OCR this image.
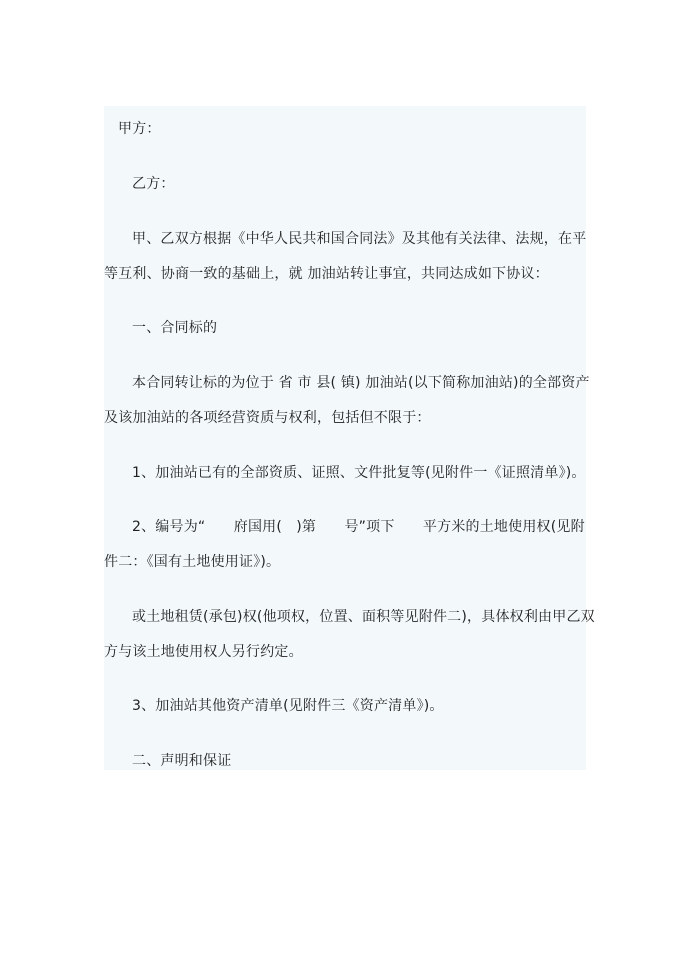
甲方：
乙方：
甲、乙双方根据《中华人民共和国合同法》及其他有关法律、法规，在平
等互利、协商一致的基础上，就 加油站转让事宜，共同达成如下协议：
一、合同标的
本合同转让标的为位于 省 市 县( 镇) 加油站(以下简称加油站)的全部资产
及该加油站的各项经营资质与权利，包括但不限于：
1、加油站已有的全部资质、证照、文件批复等(见附件一《证照清单》)。
2、编号为“　　府国用(　)第　　号”项下　　平方米的土地使用权(见附
件二：《国有土地使用证》)。
或土地租赁(承包)权(他项权，位置、面积等见附件二)，具体权利由甲乙双
方与该土地使用权人另行约定。
3、加油站其他资产清单(见附件三《资产清单》)。
二、声明和保证
